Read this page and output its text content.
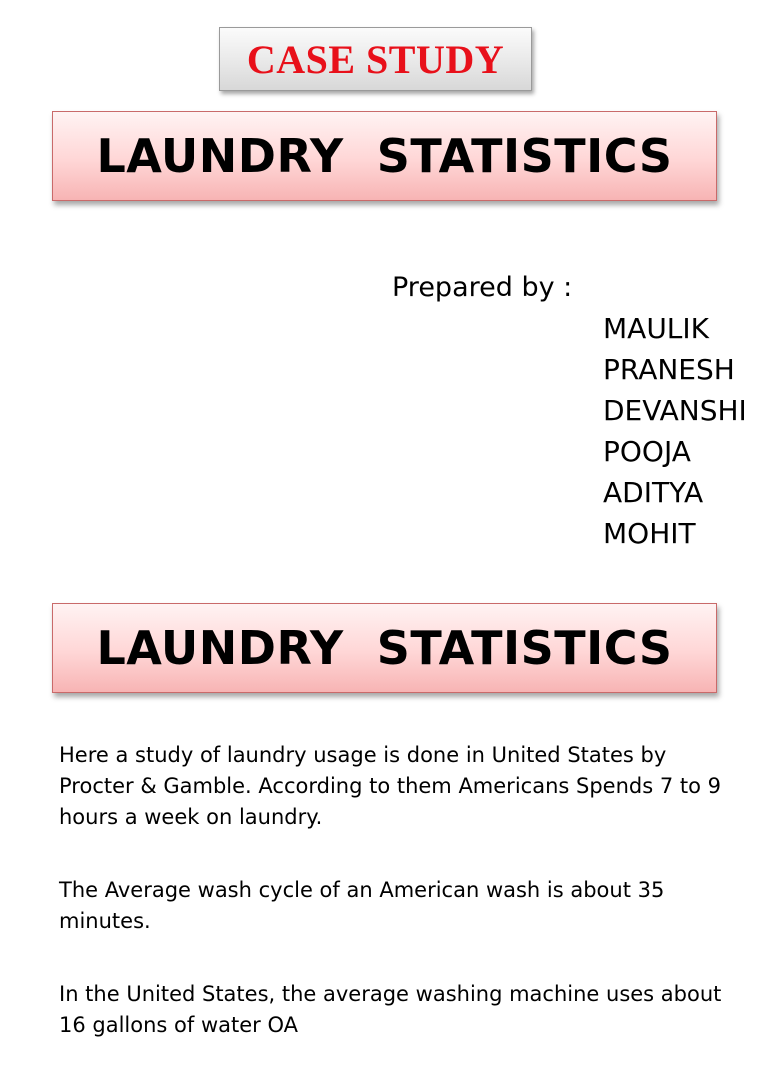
CASE STUDY
LAUNDRY  STATISTICS
Prepared by :
MAULIK
PRANESH
DEVANSHI
POOJA
ADITYA
MOHIT
LAUNDRY  STATISTICS

Here a study of laundry usage is done in United States by Procter & Gamble. According to them Americans Spends 7 to 9 hours a week on laundry.

The Average wash cycle of an American wash is about 35 minutes.

In the United States, the average washing machine uses about 16 gallons of water OA
